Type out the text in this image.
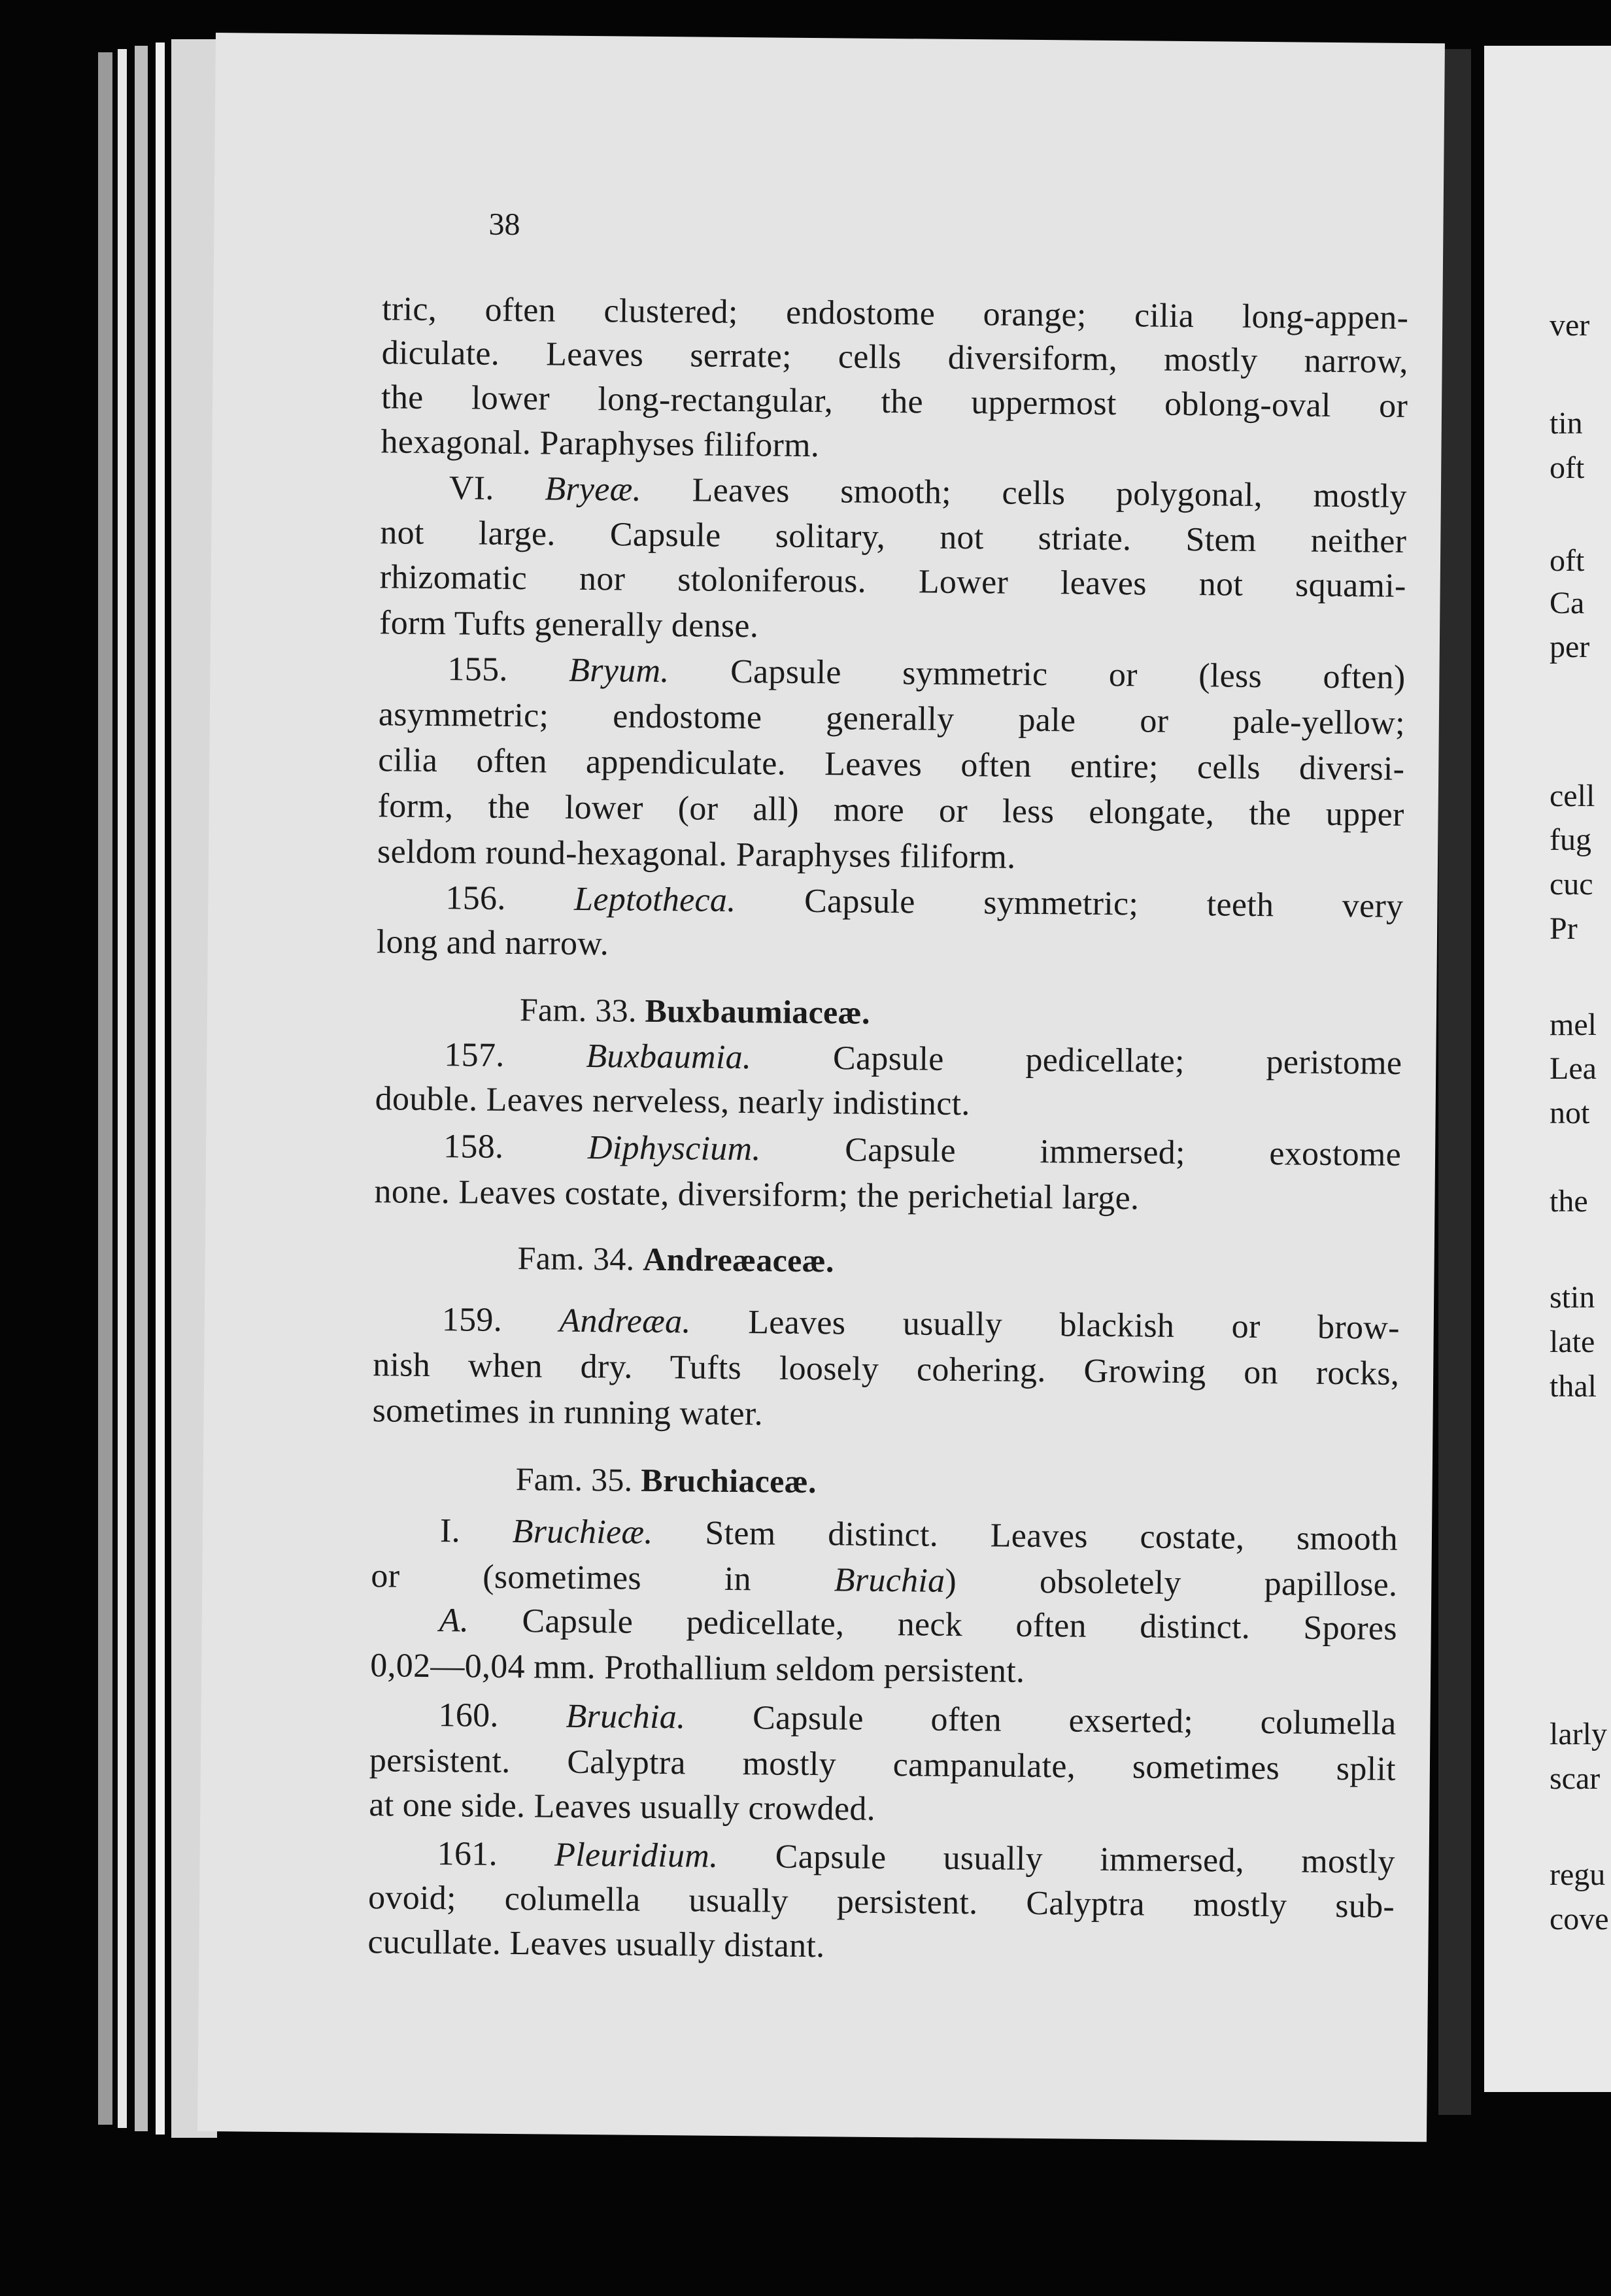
38
tric, often clustered; endostome orange; cilia long-appen-
diculate. Leaves serrate; cells diversiform, mostly narrow,
the lower long-rectangular, the uppermost oblong-oval or
hexagonal. Paraphyses filiform.
VI. Bryeæ. Leaves smooth; cells polygonal, mostly
not large. Capsule solitary, not striate. Stem neither
rhizomatic nor stoloniferous. Lower leaves not squami-
form Tufts generally dense.
155. Bryum. Capsule symmetric or (less often)
asymmetric; endostome generally pale or pale-yellow;
cilia often appendiculate. Leaves often entire; cells diversi-
form, the lower (or all) more or less elongate, the upper
seldom round-hexagonal. Paraphyses filiform.
156. Leptotheca. Capsule symmetric; teeth very
long and narrow.
Fam. 33. Buxbaumiaceæ.
157. Buxbaumia. Capsule pedicellate; peristome
double. Leaves nerveless, nearly indistinct.
158. Diphyscium. Capsule immersed; exostome
none. Leaves costate, diversiform; the perichetial large.
Fam. 34. Andreæaceæ.
159. Andreæa. Leaves usually blackish or brow-
nish when dry. Tufts loosely cohering. Growing on rocks,
sometimes in running water.
Fam. 35. Bruchiaceæ.
I. Bruchieæ. Stem distinct. Leaves costate, smooth
or (sometimes in Bruchia) obsoletely papillose.
A. Capsule pedicellate, neck often distinct. Spores
0,02—0,04 mm. Prothallium seldom persistent.
160. Bruchia. Capsule often exserted; columella
persistent. Calyptra mostly campanulate, sometimes split
at one side. Leaves usually crowded.
161. Pleuridium. Capsule usually immersed, mostly
ovoid; columella usually persistent. Calyptra mostly sub-
cucullate. Leaves usually distant.
ver
tin
oft
oft
Ca
per
cell
fug
cuc
Pr
mel
Lea
not
the
stin
late
thal
larly
scar
regu
cove
